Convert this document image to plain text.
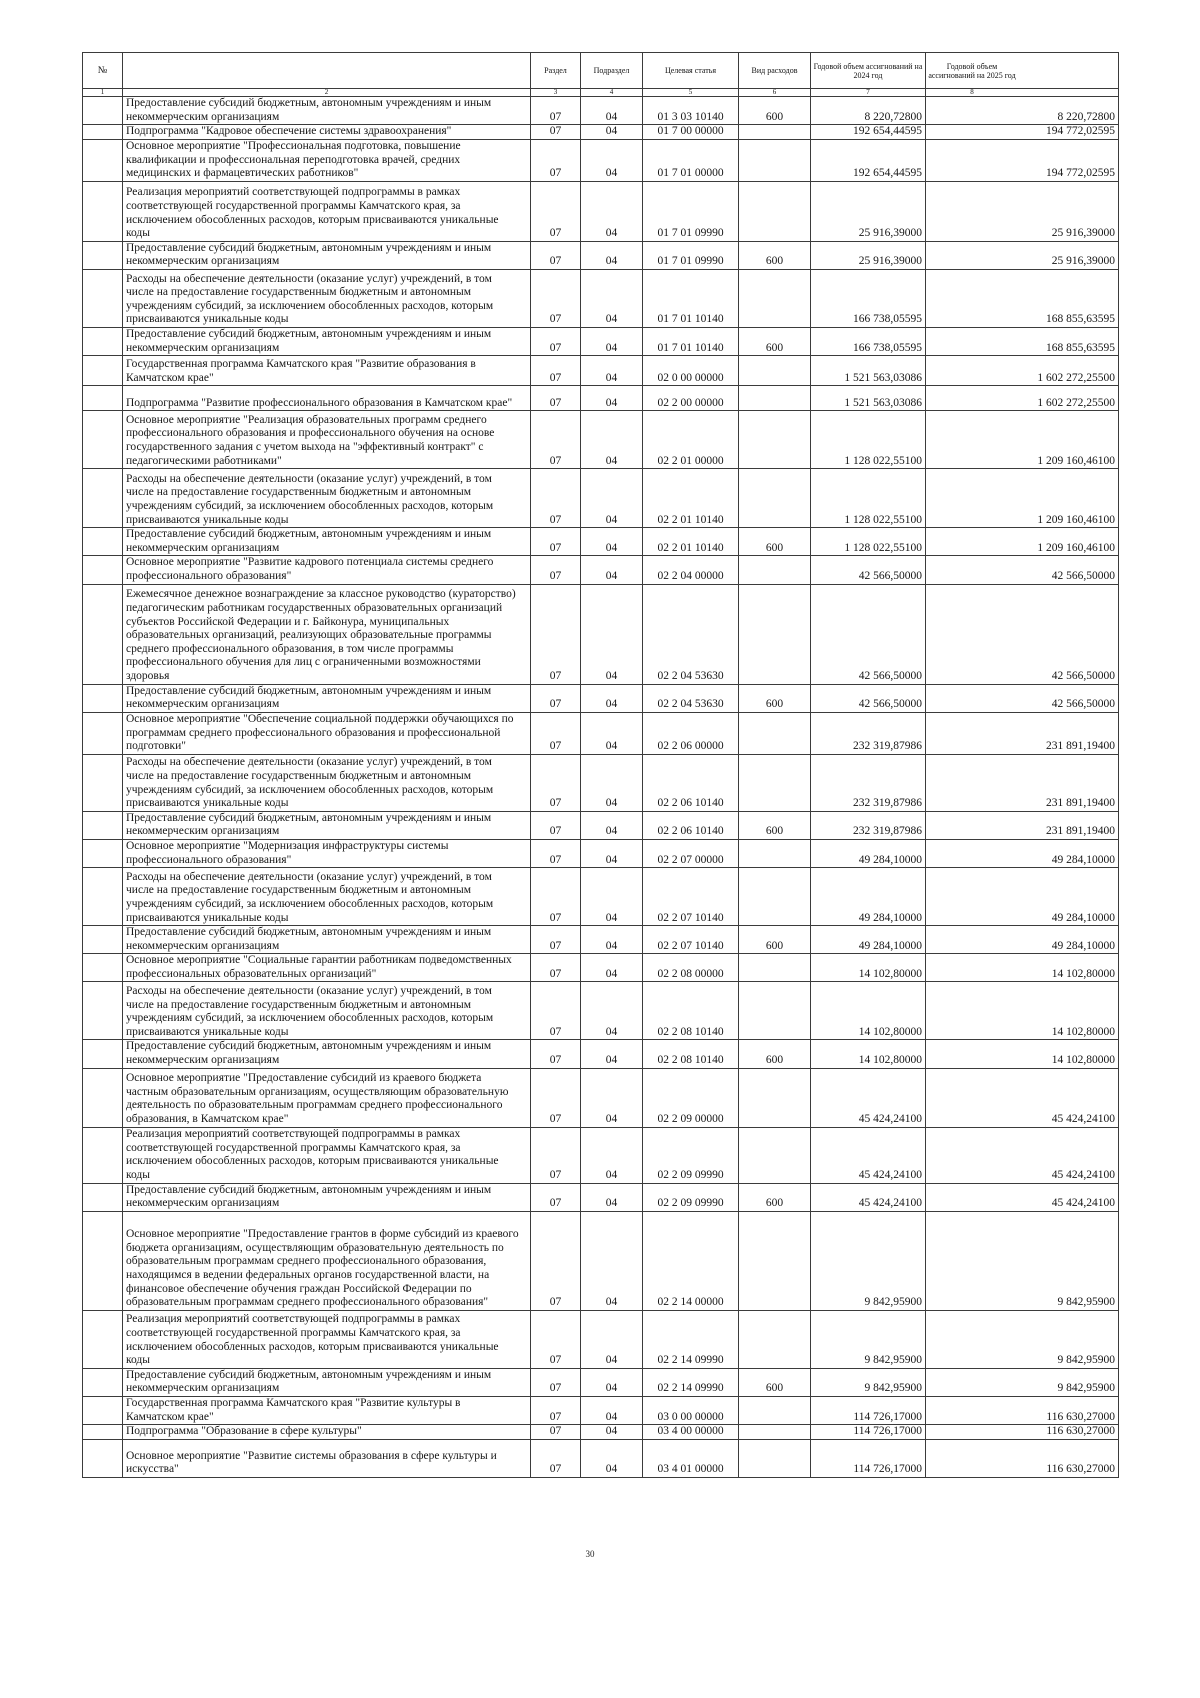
№		Раздел	Подраздел	Целевая статья	Вид расходов	Годовой объем ассигнований на 2024 год	Годовой объем ассигнований на 2025 год
1	2	3	4	5	6	7	8
	Предоставление субсидий бюджетным, автономным учреждениям и иным некоммерческим организациям	07	04	01 3 03 10140	600	8 220,72800	8 220,72800
	Подпрограмма "Кадровое обеспечение системы здравоохранения"	07	04	01 7 00 00000		192 654,44595	194 772,02595
	Основное мероприятие "Профессиональная подготовка, повышение квалификации и профессиональная переподготовка врачей, средних медицинских и фармацевтических работников"	07	04	01 7 01 00000		192 654,44595	194 772,02595
	Реализация мероприятий соответствующей подпрограммы в рамках соответствующей государственной программы Камчатского края, за исключением обособленных расходов, которым присваиваются уникальные коды	07	04	01 7 01 09990		25 916,39000	25 916,39000
	Предоставление субсидий бюджетным, автономным учреждениям и иным некоммерческим организациям	07	04	01 7 01 09990	600	25 916,39000	25 916,39000
	Расходы на обеспечение деятельности (оказание услуг) учреждений, в том числе на предоставление государственным бюджетным и автономным учреждениям субсидий, за исключением обособленных расходов, которым присваиваются уникальные коды	07	04	01 7 01 10140		166 738,05595	168 855,63595
	Предоставление субсидий бюджетным, автономным учреждениям и иным некоммерческим организациям	07	04	01 7 01 10140	600	166 738,05595	168 855,63595
	Государственная программа Камчатского края "Развитие образования в Камчатском крае"	07	04	02 0 00 00000		1 521 563,03086	1 602 272,25500
	Подпрограмма "Развитие профессионального образования в Камчатском крае"	07	04	02 2 00 00000		1 521 563,03086	1 602 272,25500
	Основное мероприятие "Реализация образовательных программ среднего профессионального образования и профессионального обучения на основе государственного задания с учетом выхода на "эффективный контракт" с педагогическими работниками"	07	04	02 2 01 00000		1 128 022,55100	1 209 160,46100
	Расходы на обеспечение деятельности (оказание услуг) учреждений, в том числе на предоставление государственным бюджетным и автономным учреждениям субсидий, за исключением обособленных расходов, которым присваиваются уникальные коды	07	04	02 2 01 10140		1 128 022,55100	1 209 160,46100
	Предоставление субсидий бюджетным, автономным учреждениям и иным некоммерческим организациям	07	04	02 2 01 10140	600	1 128 022,55100	1 209 160,46100
	Основное мероприятие "Развитие кадрового потенциала системы среднего профессионального образования"	07	04	02 2 04 00000		42 566,50000	42 566,50000
	Ежемесячное денежное вознаграждение за классное руководство (кураторство) педагогическим работникам государственных образовательных организаций субъектов Российской Федерации и г. Байконура, муниципальных образовательных организаций, реализующих образовательные программы среднего профессионального образования, в том числе программы профессионального обучения для лиц с ограниченными возможностями здоровья	07	04	02 2 04 53630		42 566,50000	42 566,50000
	Предоставление субсидий бюджетным, автономным учреждениям и иным некоммерческим организациям	07	04	02 2 04 53630	600	42 566,50000	42 566,50000
	Основное мероприятие "Обеспечение социальной поддержки обучающихся по программам среднего профессионального образования и профессиональной подготовки"	07	04	02 2 06 00000		232 319,87986	231 891,19400
	Расходы на обеспечение деятельности (оказание услуг) учреждений, в том числе на предоставление государственным бюджетным и автономным учреждениям субсидий, за исключением обособленных расходов, которым присваиваются уникальные коды	07	04	02 2 06 10140		232 319,87986	231 891,19400
	Предоставление субсидий бюджетным, автономным учреждениям и иным некоммерческим организациям	07	04	02 2 06 10140	600	232 319,87986	231 891,19400
	Основное мероприятие "Модернизация инфраструктуры системы профессионального образования"	07	04	02 2 07 00000		49 284,10000	49 284,10000
	Расходы на обеспечение деятельности (оказание услуг) учреждений, в том числе на предоставление государственным бюджетным и автономным учреждениям субсидий, за исключением обособленных расходов, которым присваиваются уникальные коды	07	04	02 2 07 10140		49 284,10000	49 284,10000
	Предоставление субсидий бюджетным, автономным учреждениям и иным некоммерческим организациям	07	04	02 2 07 10140	600	49 284,10000	49 284,10000
	Основное мероприятие "Социальные гарантии работникам подведомственных профессиональных образовательных организаций"	07	04	02 2 08 00000		14 102,80000	14 102,80000
	Расходы на обеспечение деятельности (оказание услуг) учреждений, в том числе на предоставление государственным бюджетным и автономным учреждениям субсидий, за исключением обособленных расходов, которым присваиваются уникальные коды	07	04	02 2 08 10140		14 102,80000	14 102,80000
	Предоставление субсидий бюджетным, автономным учреждениям и иным некоммерческим организациям	07	04	02 2 08 10140	600	14 102,80000	14 102,80000
	Основное мероприятие "Предоставление субсидий из краевого бюджета частным образовательным организациям, осуществляющим образовательную деятельность по образовательным программам среднего профессионального образования, в Камчатском крае"	07	04	02 2 09 00000		45 424,24100	45 424,24100
	Реализация мероприятий соответствующей подпрограммы в рамках соответствующей государственной программы Камчатского края, за исключением обособленных расходов, которым присваиваются уникальные коды	07	04	02 2 09 09990		45 424,24100	45 424,24100
	Предоставление субсидий бюджетным, автономным учреждениям и иным некоммерческим организациям	07	04	02 2 09 09990	600	45 424,24100	45 424,24100
	Основное мероприятие "Предоставление грантов в форме субсидий из краевого бюджета организациям, осуществляющим образовательную деятельность по образовательным программам среднего профессионального образования, находящимся в ведении федеральных органов государственной власти, на финансовое обеспечение обучения граждан Российской Федерации по образовательным программам среднего профессионального образования"	07	04	02 2 14 00000		9 842,95900	9 842,95900
	Реализация мероприятий соответствующей подпрограммы в рамках соответствующей государственной программы Камчатского края, за исключением обособленных расходов, которым присваиваются уникальные коды	07	04	02 2 14 09990		9 842,95900	9 842,95900
	Предоставление субсидий бюджетным, автономным учреждениям и иным некоммерческим организациям	07	04	02 2 14 09990	600	9 842,95900	9 842,95900
	Государственная программа Камчатского края "Развитие культуры в Камчатском крае"	07	04	03 0 00 00000		114 726,17000	116 630,27000
	Подпрограмма "Образование в сфере культуры"	07	04	03 4 00 00000		114 726,17000	116 630,27000
	Основное мероприятие "Развитие системы образования в сфере культуры и искусства"	07	04	03 4 01 00000		114 726,17000	116 630,27000
30
